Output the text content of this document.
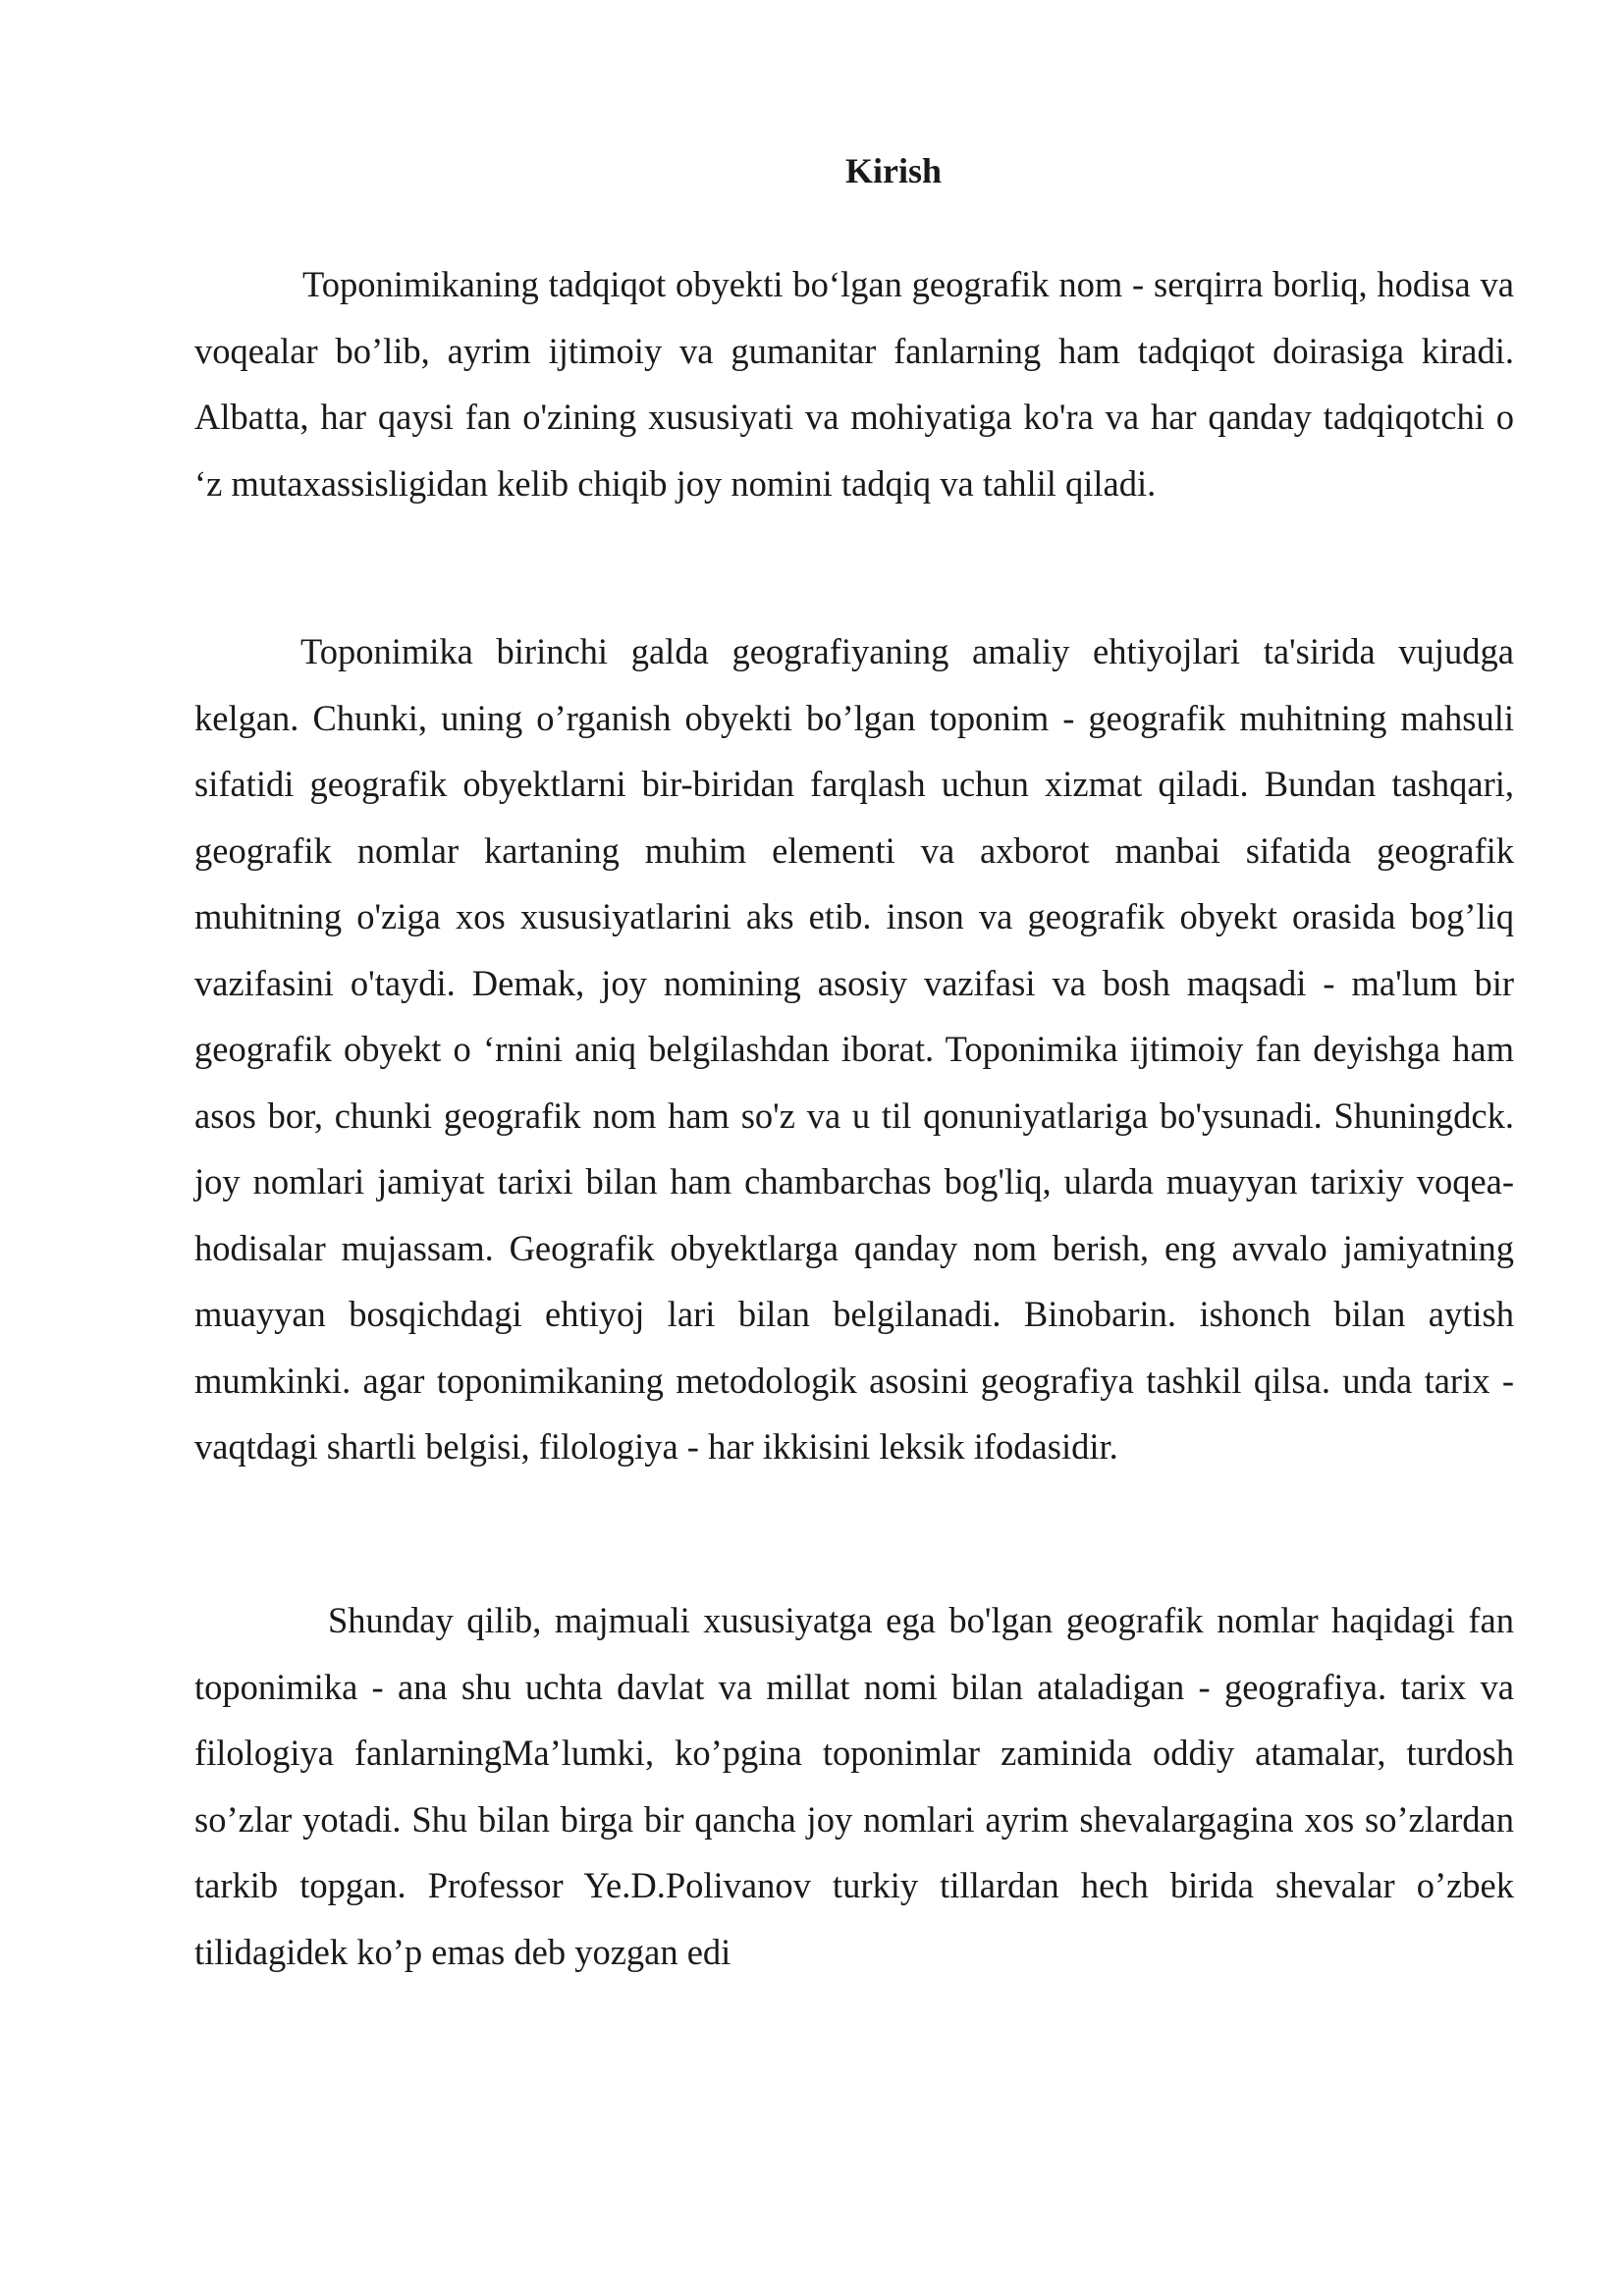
Kirish

Toponimikaning tadqiqot obyekti bo‘lgan geografik nom - serqirra borliq, hodisa va voqealar bo’lib, ayrim ijtimoiy va gumanitar fanlarning ham tadqiqot doirasiga kiradi. Albatta, har qaysi fan o'zining xususiyati va mohiyatiga ko'ra va har qanday tadqiqotchi o ‘z mutaxassisligidan kelib chiqib joy nomini tadqiq va tahlil qiladi.

Toponimika birinchi galda geografiyaning amaliy ehtiyojlari ta'sirida vujudga kelgan. Chunki, uning o’rganish obyekti bo’lgan toponim - geografik muhitning mahsuli sifatidi geografik obyektlarni bir-biridan farqlash uchun xizmat qiladi. Bundan tashqari, geografik nomlar kartaning muhim elementi va axborot manbai sifatida geografik muhitning o'ziga xos xususiyatlarini aks etib. inson va geografik obyekt orasida bog’liq vazifasini o'taydi. Demak, joy nomining asosiy vazifasi va bosh maqsadi - ma'lum bir geografik obyekt o ‘rnini aniq belgilashdan iborat. Toponimika ijtimoiy fan deyishga ham asos bor, chunki geografik nom ham so'z va u til qonuniyatlariga bo'ysunadi. Shuningdck. joy nomlari jamiyat tarixi bilan ham chambarchas bog'liq, ularda muayyan tarixiy voqea-hodisalar mujassam. Geografik obyektlarga qanday nom berish, eng avvalo jamiyatning muayyan bosqichdagi ehtiyoj lari bilan belgilanadi. Binobarin. ishonch bilan aytish mumkinki. agar toponimikaning metodologik asosini geografiya tashkil qilsa. unda tarix - vaqtdagi shartli belgisi, filologiya - har ikkisini leksik ifodasidir.

Shunday qilib, majmuali xususiyatga ega bo'lgan geografik nomlar haqidagi fan toponimika - ana shu uchta davlat va millat nomi bilan ataladigan - geografiya. tarix va filologiya fanlarningMa’lumki, ko’pgina toponimlar zaminida oddiy atamalar, turdosh so’zlar yotadi. Shu bilan birga bir qancha joy nomlari ayrim shevalargagina xos so’zlardan tarkib topgan. Professor Ye.D.Polivanov turkiy tillardan hech birida shevalar o’zbek tilidagidek ko’p emas deb yozgan edi
